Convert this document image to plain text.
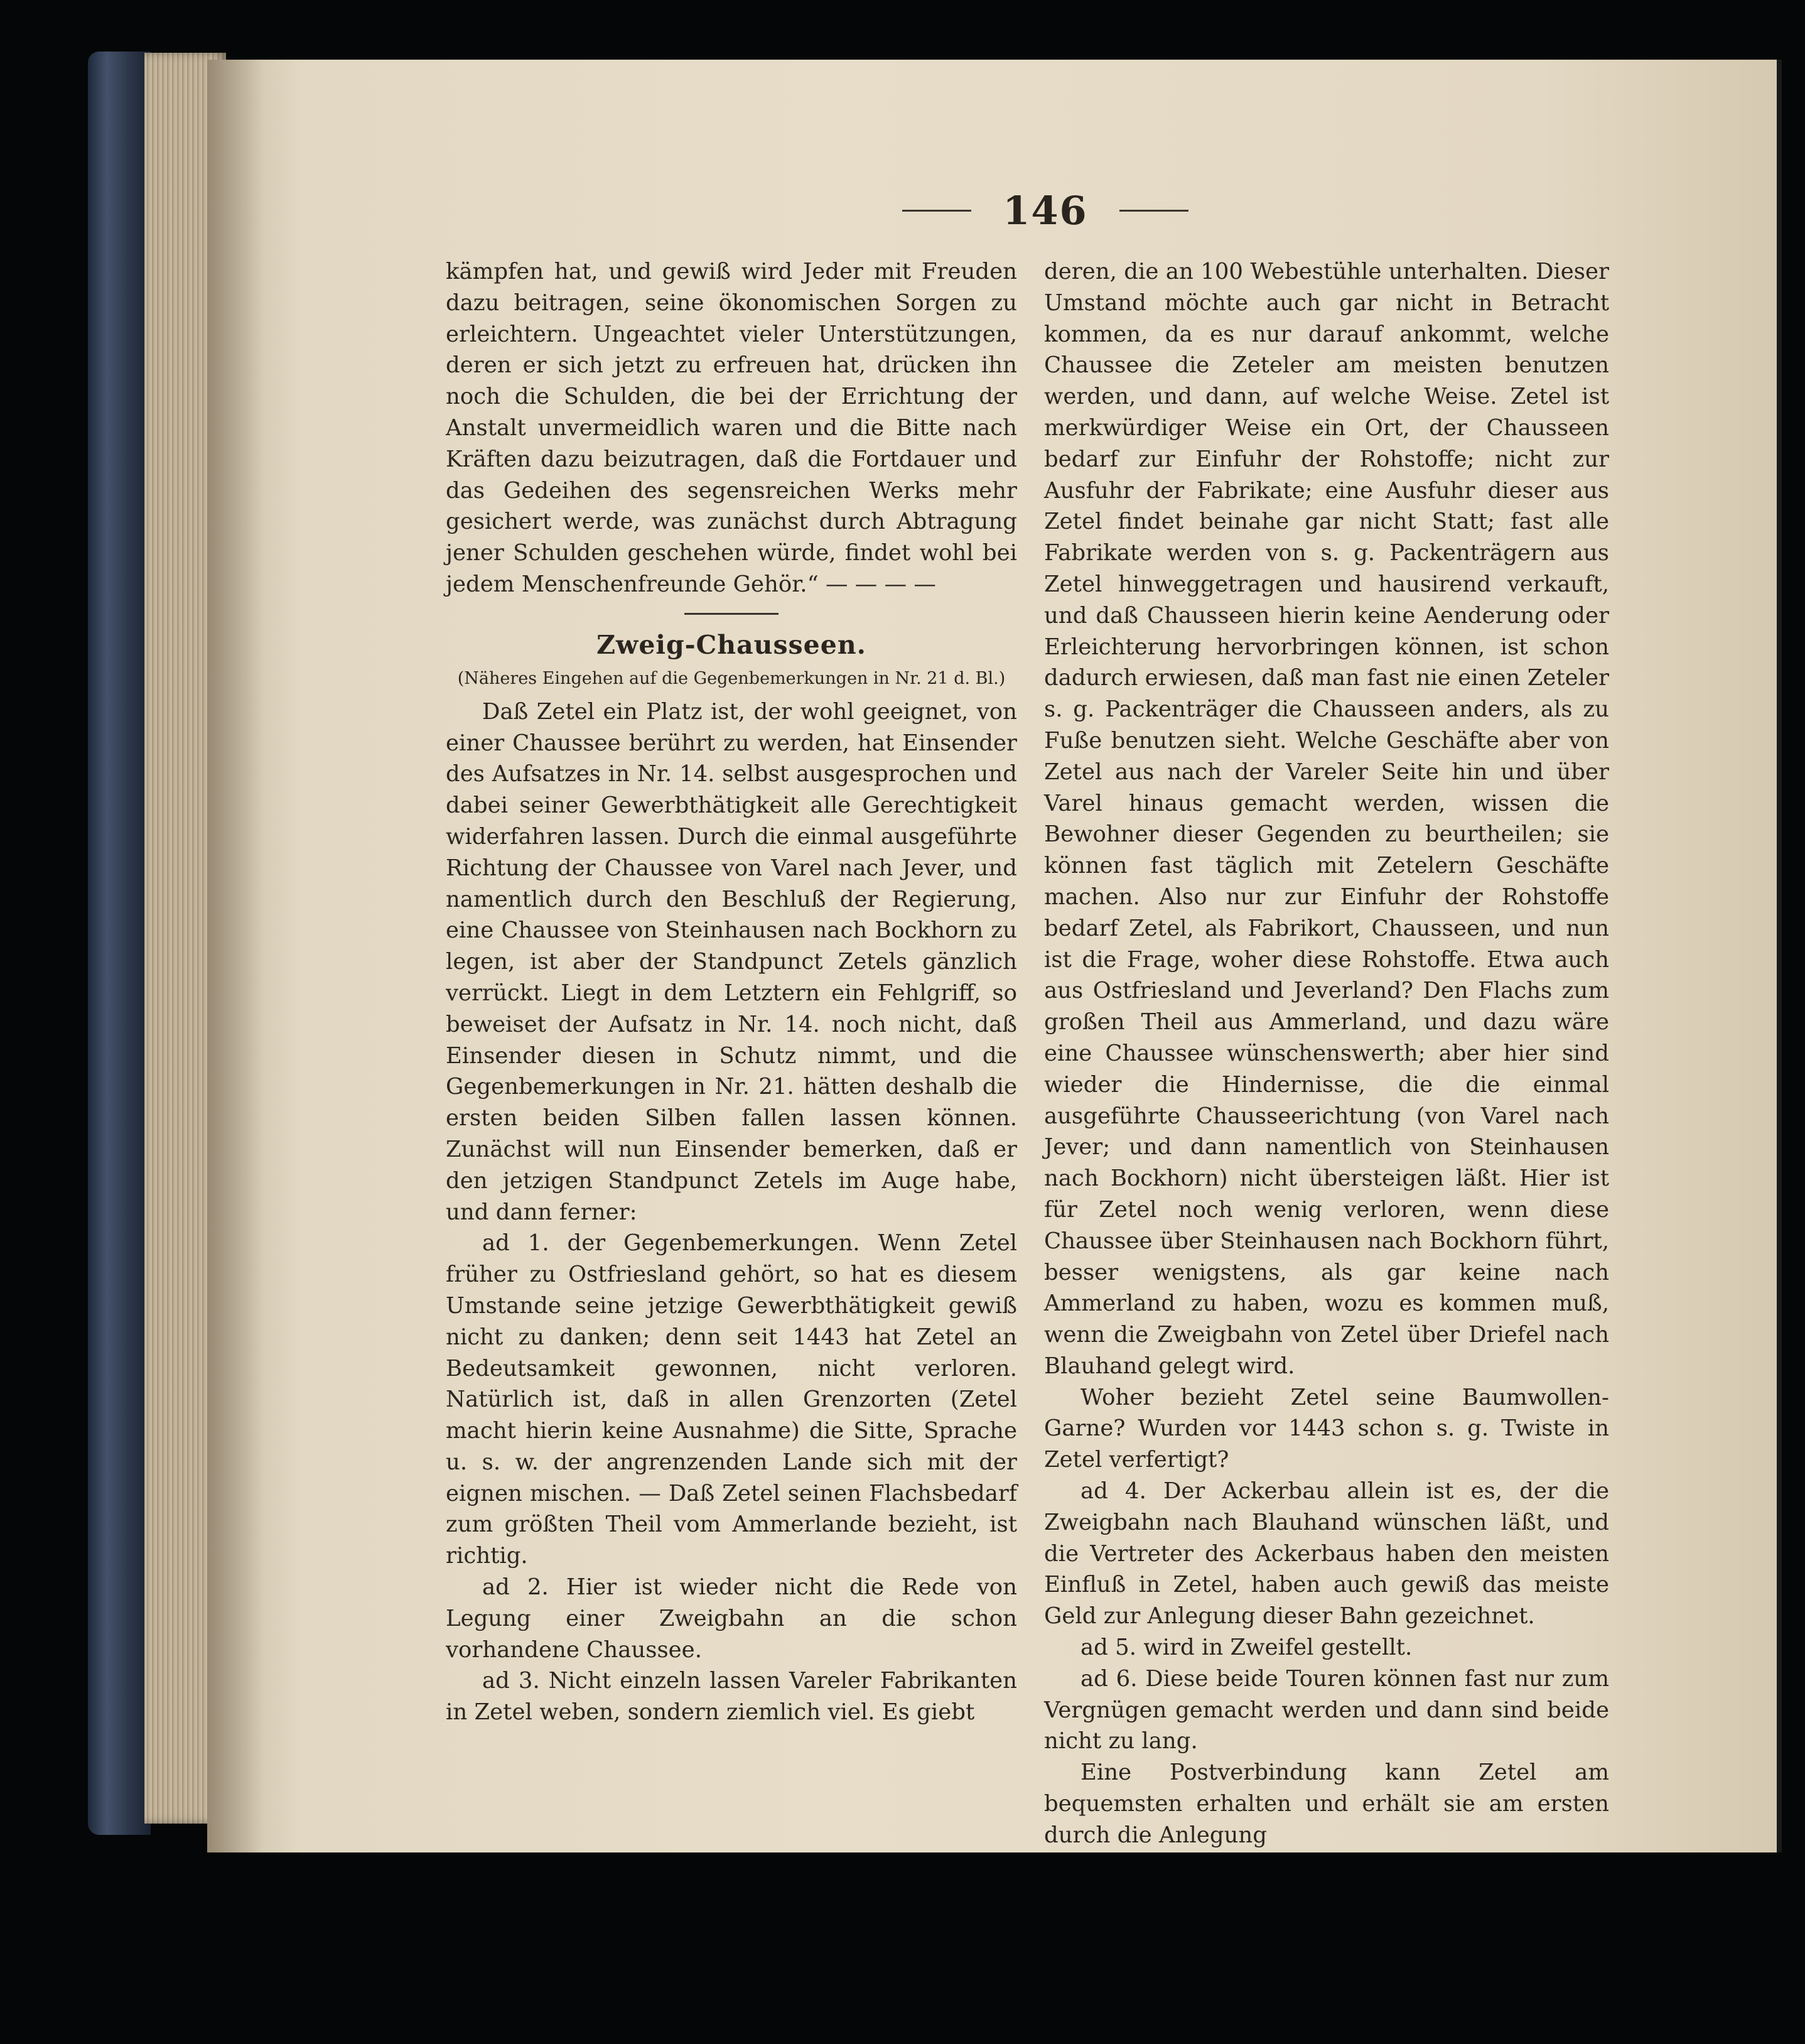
146

kämpfen hat, und gewiß wird Jeder mit Freuden dazu beitragen, seine ökonomischen Sorgen zu erleichtern. Ungeachtet vieler Unterstützungen, deren er sich jetzt zu erfreuen hat, drücken ihn noch die Schulden, die bei der Errichtung der Anstalt unvermeidlich waren und die Bitte nach Kräften dazu beizutragen, daß die Fortdauer und das Gedeihen des segensreichen Werks mehr gesichert werde, was zunächst durch Abtragung jener Schulden geschehen würde, findet wohl bei jedem Menschenfreunde Gehör.“ — — — —

Zweig-Chausseen.
(Näheres Eingehen auf die Gegenbemerkungen in Nr. 21 d. Bl.)

Daß Zetel ein Platz ist, der wohl geeignet, von einer Chaussee berührt zu werden, hat Einsender des Aufsatzes in Nr. 14. selbst ausgesprochen und dabei seiner Gewerbthätigkeit alle Gerechtigkeit widerfahren lassen. Durch die einmal ausgeführte Richtung der Chaussee von Varel nach Jever, und namentlich durch den Beschluß der Regierung, eine Chaussee von Steinhausen nach Bockhorn zu legen, ist aber der Standpunct Zetels gänzlich verrückt. Liegt in dem Letztern ein Fehlgriff, so beweiset der Aufsatz in Nr. 14. noch nicht, daß Einsender diesen in Schutz nimmt, und die Gegenbemerkungen in Nr. 21. hätten deshalb die ersten beiden Silben fallen lassen können. Zunächst will nun Einsender bemerken, daß er den jetzigen Standpunct Zetels im Auge habe, und dann ferner:

ad 1. der Gegenbemerkungen. Wenn Zetel früher zu Ostfriesland gehört, so hat es diesem Umstande seine jetzige Gewerbthätigkeit gewiß nicht zu danken; denn seit 1443 hat Zetel an Bedeutsamkeit gewonnen, nicht verloren. Natürlich ist, daß in allen Grenzorten (Zetel macht hierin keine Ausnahme) die Sitte, Sprache u. s. w. der angrenzenden Lande sich mit der eignen mischen. — Daß Zetel seinen Flachsbedarf zum größten Theil vom Ammerlande bezieht, ist richtig.

ad 2. Hier ist wieder nicht die Rede von Legung einer Zweigbahn an die schon vorhandene Chaussee.

ad 3. Nicht einzeln lassen Vareler Fabrikanten in Zetel weben, sondern ziemlich viel. Es giebt

deren, die an 100 Webestühle unterhalten. Dieser Umstand möchte auch gar nicht in Betracht kommen, da es nur darauf ankommt, welche Chaussee die Zeteler am meisten benutzen werden, und dann, auf welche Weise. Zetel ist merkwürdiger Weise ein Ort, der Chausseen bedarf zur Einfuhr der Rohstoffe; nicht zur Ausfuhr der Fabrikate; eine Ausfuhr dieser aus Zetel findet beinahe gar nicht Statt; fast alle Fabrikate werden von s. g. Packenträgern aus Zetel hinweggetragen und hausirend verkauft, und daß Chausseen hierin keine Aenderung oder Erleichterung hervorbringen können, ist schon dadurch erwiesen, daß man fast nie einen Zeteler s. g. Packenträger die Chausseen anders, als zu Fuße benutzen sieht. Welche Geschäfte aber von Zetel aus nach der Vareler Seite hin und über Varel hinaus gemacht werden, wissen die Bewohner dieser Gegenden zu beurtheilen; sie können fast täglich mit Zetelern Geschäfte machen. Also nur zur Einfuhr der Rohstoffe bedarf Zetel, als Fabrikort, Chausseen, und nun ist die Frage, woher diese Rohstoffe. Etwa auch aus Ostfriesland und Jeverland? Den Flachs zum großen Theil aus Ammerland, und dazu wäre eine Chaussee wünschenswerth; aber hier sind wieder die Hindernisse, die die einmal ausgeführte Chausseerichtung (von Varel nach Jever; und dann namentlich von Steinhausen nach Bockhorn) nicht übersteigen läßt. Hier ist für Zetel noch wenig verloren, wenn diese Chaussee über Steinhausen nach Bockhorn führt, besser wenigstens, als gar keine nach Ammerland zu haben, wozu es kommen muß, wenn die Zweigbahn von Zetel über Driefel nach Blauhand gelegt wird.

Woher bezieht Zetel seine Baumwollen-Garne? Wurden vor 1443 schon s. g. Twiste in Zetel verfertigt?

ad 4. Der Ackerbau allein ist es, der die Zweigbahn nach Blauhand wünschen läßt, und die Vertreter des Ackerbaus haben den meisten Einfluß in Zetel, haben auch gewiß das meiste Geld zur Anlegung dieser Bahn gezeichnet.

ad 5. wird in Zweifel gestellt.

ad 6. Diese beide Touren können fast nur zum Vergnügen gemacht werden und dann sind beide nicht zu lang.

Eine Postverbindung kann Zetel am bequemsten erhalten und erhält sie am ersten durch die Anlegung
